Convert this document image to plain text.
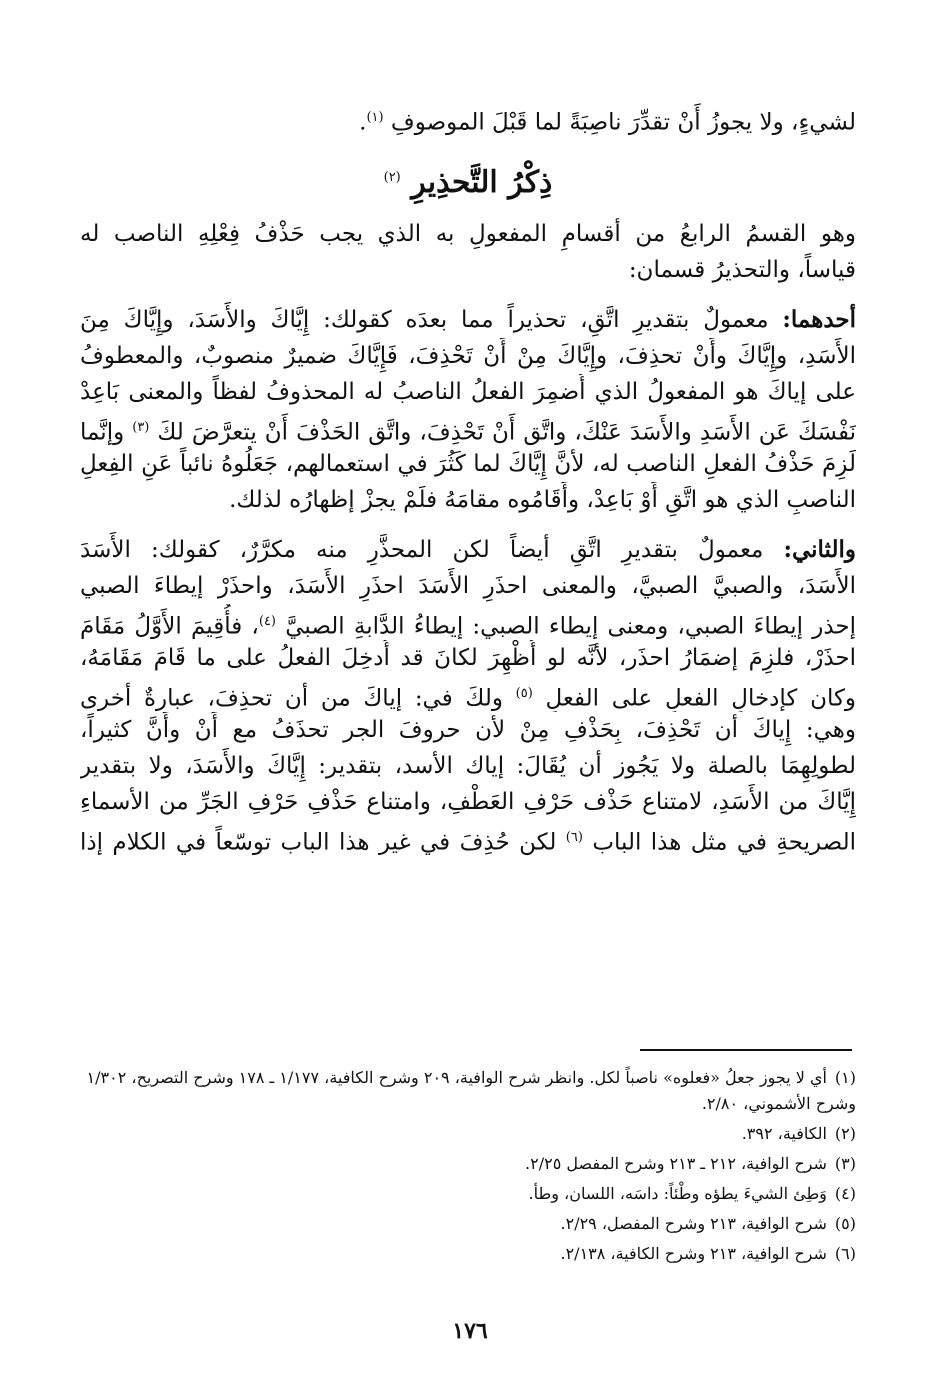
لشيءٍ، ولا يجوزُ أَنْ تقدِّرَ ناصِبَةً لما قَبْلَ الموصوفِ $^{(١)}$.
ذِكْرُ التَّحذِيرِ $^{(٢)}$
وهو القسمُ الرابعُ من أقسامِ المفعولِ به الذي يجب حَذْفُ فِعْلِهِ الناصب له
قياساً، والتحذيرُ قسمان:
أحدهما: معمولٌ بتقديرِ اتَّقِ، تحذيراً مما بعدَه كقولك: إِيَّاكَ والأَسَدَ، وإِيَّاكَ مِنَ
الأَسَدِ، وإِيَّاكَ وأَنْ تحذِفَ، وإِيَّاكَ مِنْ أَنْ تَحْذِفَ، فَإِيَّاكَ ضميرٌ منصوبٌ، والمعطوفُ
على إياكَ هو المفعولُ الذي أُضمِرَ الفعلُ الناصبُ له المحذوفُ لفظاً والمعنى بَاعِدْ
نَفْسَكَ عَنِ الأَسَدِ والأَسَدَ عَنْكَ، واتَّقِ أَنْ تَحْذِفَ، واتَّقِ الحَذْفَ أَنْ يتعرَّضَ لكَ $^{(٣)}$ وإِنَّما
لَزِمَ حَذْفُ الفعلِ الناصب له، لأنَّ إِيَّاكَ لما كَثُرَ في استعمالهم، جَعَلُوهُ نائباً عَنِ الفِعلِ
الناصبِ الذي هو اتَّقِ أَوْ بَاعِدْ، وأَقَامُوه مقامَهُ فلَمْ يجزْ إظهارُه لذلك.
والثاني: معمولٌ بتقديرِ اتَّقِ أيضاً لكن المحذَّرِ منه مكرَّرٌ، كقولك: الأَسَدَ
الأَسَدَ، والصبيَّ الصبيَّ، والمعنى احذَرِ الأَسَدَ احذَرِ الأَسَدَ، واحذَرْ إيطاءَ الصبي
إحذر إيطاءَ الصبي، ومعنى إيطاء الصبي: إيطاءُ الدَّابةِ الصبيَّ $^{(٤)}$، فأُقِيمَ الأَوَّلُ مَقَامَ
احذَرْ، فلزِمَ إضمَارُ احذَر، لأنَّه لو أُظْهِرَ لكانَ قد أُدخِلَ الفعلُ على ما قَامَ مَقَامَهُ،
وكان كإدخالِ الفعلِ على الفعلِ $^{(٥)}$ ولكَ في: إياكَ من أن تحذِفَ، عبارةٌ أخرى
وهي: إِياكَ أن تَحْذِفَ، بِحَذْفِ مِنْ لأن حروفَ الجر تحذَفُ مع أَنْ وأَنَّ كثيراً،
لطولِهِمَا بالصلة ولا يَجُوز أن يُقَالَ: إياك الأسد، بتقدير: إِيَّاكَ والأَسَدَ، ولا بتقدير
إِيَّاكَ من الأَسَدِ، لامتناع حَذْف حَرْفِ العَطْفِ، وامتناع حَذْفِ حَرْفِ الجَرِّ من الأسماءِ
الصريحةِ في مثل هذا الباب $^{(٦)}$ لكن حُذِفَ في غير هذا الباب توسّعاً في الكلام إذا
(١)أي لا يجوز جعلُ «فعلوه» ناصباً لكل. وانظر شرح الوافية، ٢٠٩ وشرح الكافية، ١/١٧٧ ـ ١٧٨ وشرح التصريح، ١/٣٠٢ وشرح الأشموني، ٢/٨٠.
(٢)الكافية، ٣٩٢.
(٣)شرح الوافية، ٢١٢ ـ ٢١٣ وشرح المفصل ٢/٢٥.
(٤)وَطِئ الشيءَ يطؤه وطْئاً: داسَه، اللسان، وطأ.
(٥)شرح الوافية، ٢١٣ وشرح المفصل، ٢/٢٩.
(٦)شرح الوافية، ٢١٣ وشرح الكافية، ٢/١٣٨.
١٧٦
